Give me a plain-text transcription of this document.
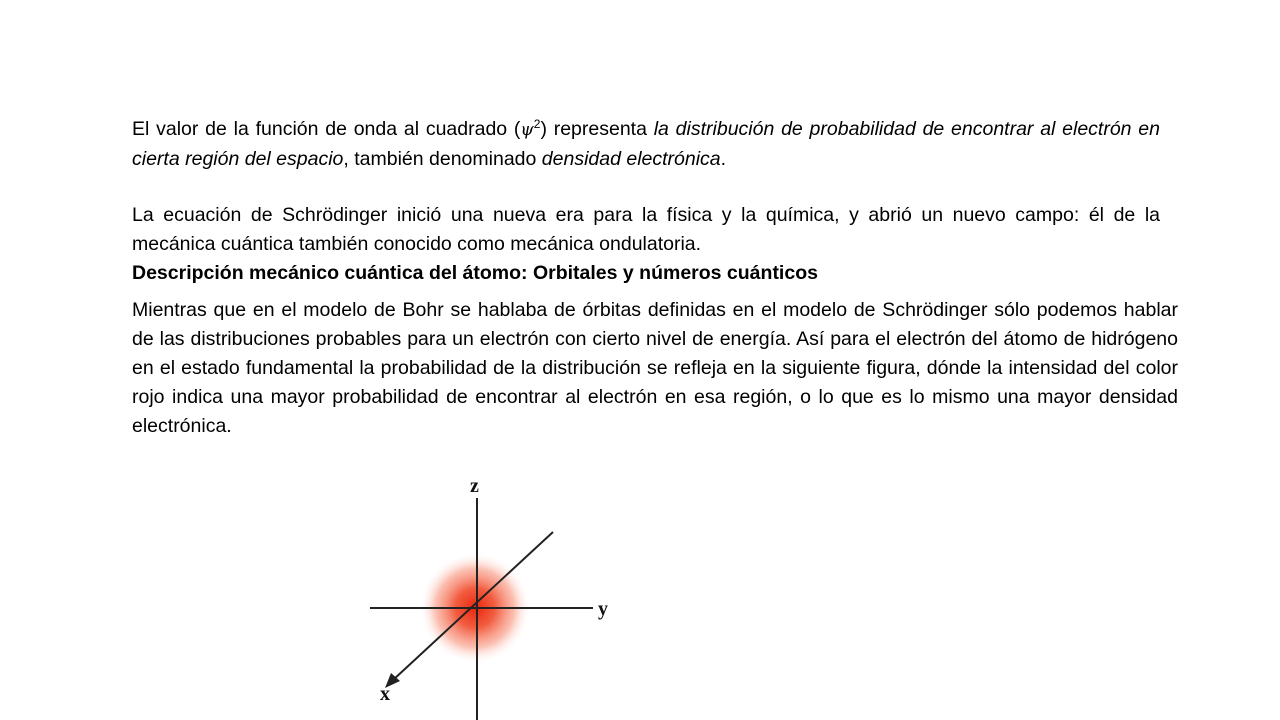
El valor de la función de onda al cuadrado $(\psi^2)$ representa la distribución de probabilidad de encontrar al electrón en cierta región del espacio, también denominado densidad electrónica.

La ecuación de Schrödinger inició una nueva era para la física y la química, y abrió un nuevo campo: él de la mecánica cuántica también conocido como mecánica ondulatoria.

Descripción mecánico cuántica del átomo: Orbitales y números cuánticos

Mientras que en el modelo de Bohr se hablaba de órbitas definidas en el modelo de Schrödinger sólo podemos hablar de las distribuciones probables para un electrón con cierto nivel de energía. Así para el electrón del átomo de hidrógeno en el estado fundamental la probabilidad de la distribución se refleja en la siguiente figura, dónde la intensidad del color rojo indica una mayor probabilidad de encontrar al electrón en esa región, o lo que es lo mismo una mayor densidad electrónica.

z
y
x
